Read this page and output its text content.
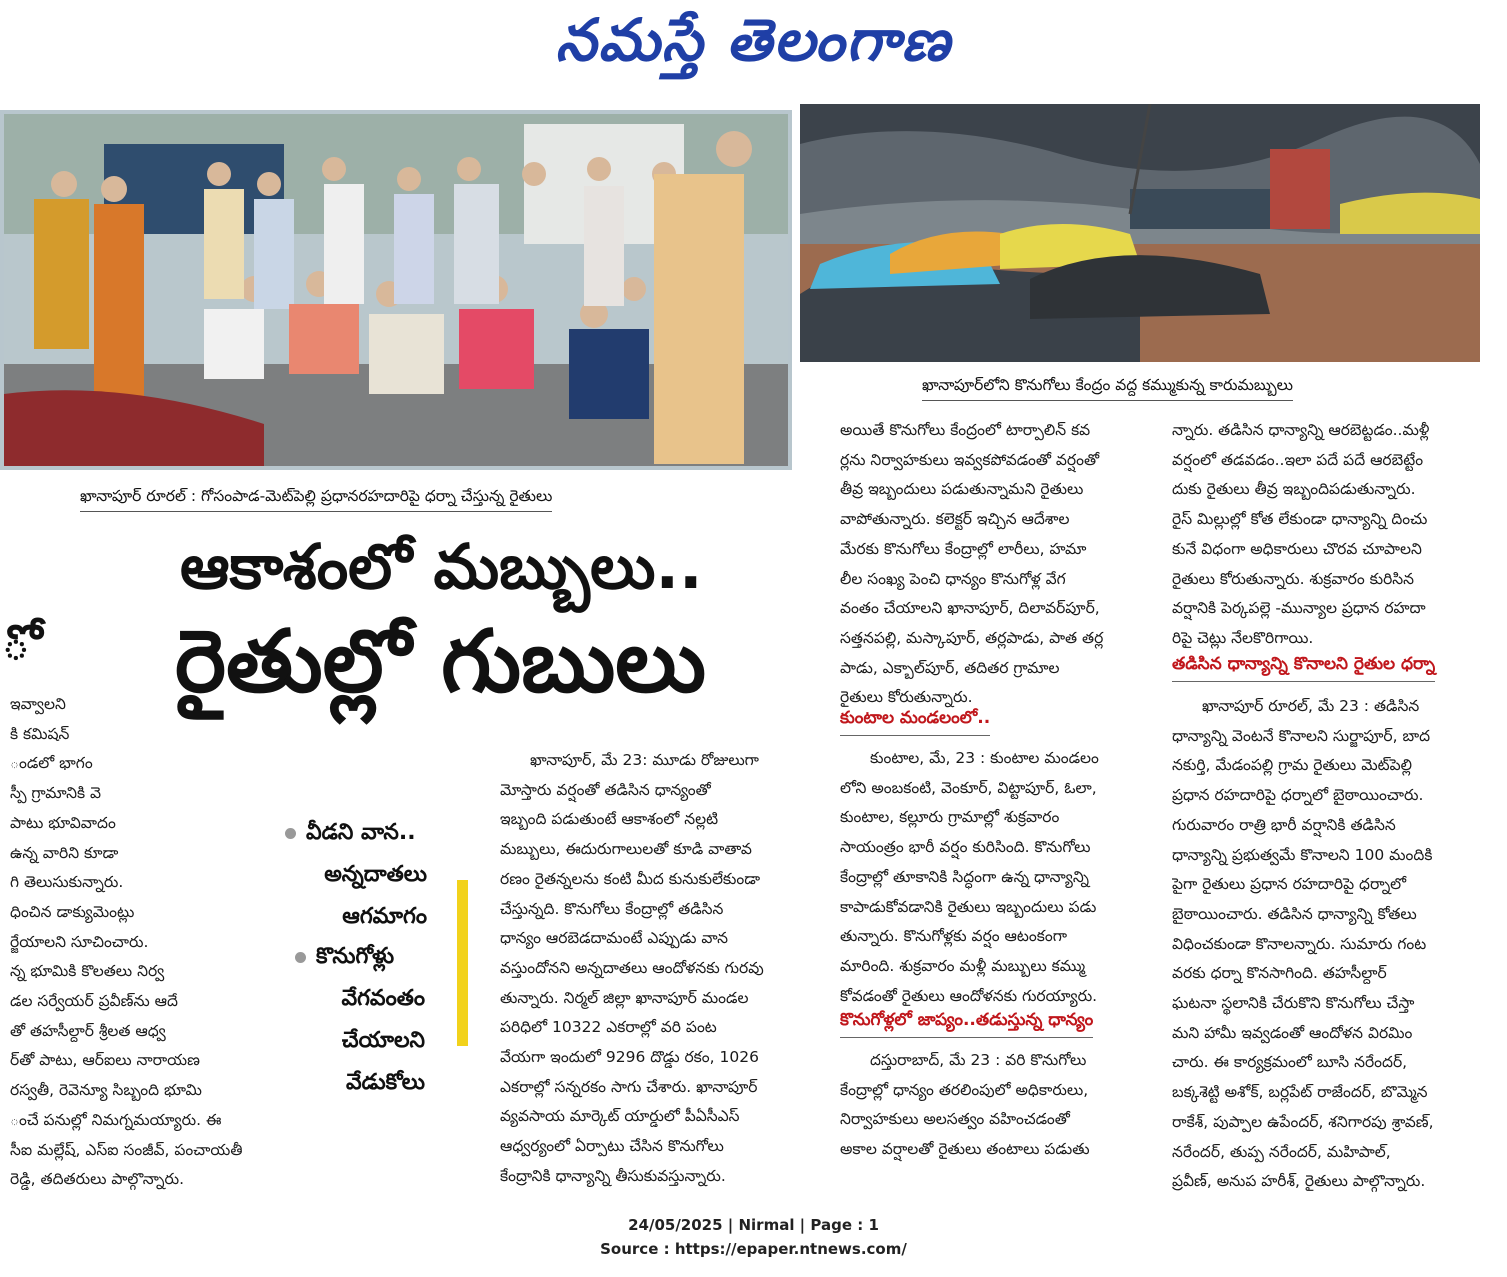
నమస్తే తెలంగాణ
ఖానాపూర్ రూరల్ : గోసంపాడ-మెట్‌పెల్లి ప్రధానరహదారిపై ధర్నా చేస్తున్న రైతులు
ఖానాపూర్‌లోని కొనుగోలు కేంద్రం వద్ద కమ్ముకున్న కారుమబ్బులు
ఆకాశంలో మబ్బులు..
రైతుల్లో గుబులు
ో

ఇవ్వాలని

కి కమిషన్

ండలో భాగం

స్పీ గ్రామానికి వె

పాటు భూవివాదం

ఉన్న వారిని కూడా

గి తెలుసుకున్నారు.

ధించిన డాక్యుమెంట్లు

ర్జేయాలని సూచించారు.

న్న భూమికి కొలతలు నిర్వ

డల సర్వేయర్ ప్రవీణ్‌ను ఆదే

తో తహసీల్దార్ శ్రీలత ఆధ్వ

ర్‌తో పాటు, ఆర్‌ఐలు నారాయణ

రస్వతీ, రెవెన్యూ సిబ్బంది భూమి

ంచే పనుల్లో నిమగ్నమయ్యారు. ఈ

సీఐ మల్లేష్, ఎస్‌ఐ సంజీవ్, పంచాయతీ

రెడ్డి, తదితరులు పాల్గొన్నారు.

వీడని వాన..
అన్నదాతలు
ఆగమాగం
కొనుగోళ్లు
వేగవంతం
చేయాలని
వేడుకోలు

ఖానాపూర్, మే 23: మూడు రోజులుగా

మోస్తారు వర్షంతో తడిసిన ధాన్యంతో

ఇబ్బంది పడుతుంటే ఆకాశంలో నల్లటి

మబ్బులు, ఈదురుగాలులతో కూడి వాతావ

రణం రైతన్నలను కంటి మీద కునుకులేకుండా

చేస్తున్నది. కొనుగోలు కేంద్రాల్లో తడిసిన

ధాన్యం ఆరబెడదామంటే ఎప్పుడు వాన

వస్తుందోనని అన్నదాతలు ఆందోళనకు గురవు

తున్నారు. నిర్మల్ జిల్లా ఖానాపూర్ మండల

పరిధిలో 10322 ఎకరాల్లో వరి పంట

వేయగా ఇందులో 9296 దొడ్డు రకం, 1026

ఎకరాల్లో సన్నరకం సాగు చేశారు. ఖానాపూర్

వ్యవసాయ మార్కెట్ యార్డులో పీఏసీఎస్

ఆధ్వర్యంలో ఏర్పాటు చేసిన కొనుగోలు

కేంద్రానికి ధాన్యాన్ని తీసుకువస్తున్నారు.

అయితే కొనుగోలు కేంద్రంలో టార్పాలిన్ కవ

ర్లను నిర్వాహకులు ఇవ్వకపోవడంతో వర్షంతో

తీవ్ర ఇబ్బందులు పడుతున్నామని రైతులు

వాపోతున్నారు. కలెక్టర్ ఇచ్చిన ఆదేశాల

మేరకు కొనుగోలు కేంద్రాల్లో లారీలు, హమా

లీల సంఖ్య పెంచి ధాన్యం కొనుగోళ్ల వేగ

వంతం చేయాలని ఖానాపూర్, దిలావర్‌పూర్,

సత్తనపల్లి, మస్కాపూర్, తర్లపాడు, పాత తర్ల

పాడు, ఎక్బాల్‌పూర్, తదితర గ్రామాల

రైతులు కోరుతున్నారు.

కుంటాల మండలంలో..

కుంటాల, మే, 23 : కుంటాల మండలం

లోని అంబకంటి, వెంకూర్, విట్టాపూర్, ఓలా,

కుంటాల, కల్లూరు గ్రామాల్లో శుక్రవారం

సాయంత్రం భారీ వర్షం కురిసింది. కొనుగోలు

కేంద్రాల్లో తూకానికి సిద్ధంగా ఉన్న ధాన్యాన్ని

కాపాడుకోవడానికి రైతులు ఇబ్బందులు పడు

తున్నారు. కొనుగోళ్లకు వర్షం ఆటంకంగా

మారింది. శుక్రవారం మళ్లీ మబ్బులు కమ్ము

కోవడంతో రైతులు ఆందోళనకు గురయ్యారు.

కొనుగోళ్లలో జాప్యం..తడుస్తున్న ధాన్యం

దస్తురాబాద్, మే 23 : వరి కొనుగోలు

కేంద్రాల్లో ధాన్యం తరలింపులో అధికారులు,

నిర్వాహకులు అలసత్వం వహించడంతో

అకాల వర్షాలతో రైతులు తంటాలు పడుతు

న్నారు. తడిసిన ధాన్యాన్ని ఆరబెట్టడం..మళ్లీ

వర్షంలో తడవడం..ఇలా పదే పదే ఆరబెట్టేం

దుకు రైతులు తీవ్ర ఇబ్బందిపడుతున్నారు.

రైస్ మిల్లుల్లో కోత లేకుండా ధాన్యాన్ని దించు

కునే విధంగా అధికారులు చొరవ చూపాలని

రైతులు కోరుతున్నారు. శుక్రవారం కురిసిన

వర్షానికి పెర్కపల్లె -మున్యాల ప్రధాన రహదా

రిపై చెట్లు నేలకొరిగాయి.

తడిసిన ధాన్యాన్ని కొనాలని రైతుల ధర్నా

ఖానాపూర్ రూరల్, మే 23 : తడిసిన

ధాన్యాన్ని వెంటనే కొనాలని సుర్జాపూర్, బాద

నకుర్తి, మేడంపల్లి గ్రామ రైతులు మెట్‌పెల్లి

ప్రధాన రహదారిపై ధర్నాలో బైఠాయించారు.

గురువారం రాత్రి భారీ వర్షానికి తడిసిన

ధాన్యాన్ని ప్రభుత్వమే కొనాలని 100 మందికి

పైగా రైతులు ప్రధాన రహదారిపై ధర్నాలో

బైఠాయించారు. తడిసిన ధాన్యాన్ని కోతలు

విధించకుండా కొనాలన్నారు. సుమారు గంట

వరకు ధర్నా కొనసాగింది. తహసీల్దార్

ఘటనా స్థలానికి చేరుకొని కొనుగోలు చేస్తా

మని హామీ ఇవ్వడంతో ఆందోళన విరమిం

చారు. ఈ కార్యక్రమంలో బూసి నరేందర్,

బక్కశెట్టి అశోక్, బర్లపేట్ రాజేందర్, బొమ్మెన

రాకేశ్, పుప్పాల ఉపేందర్, శనిగారపు శ్రావణ్,

నరేందర్, తుప్ప నరేందర్, మహిపాల్,

ప్రవీణ్, అనుప హరీశ్, రైతులు పాల్గొన్నారు.

24/05/2025 | Nirmal | Page : 1
Source : https://epaper.ntnews.com/
